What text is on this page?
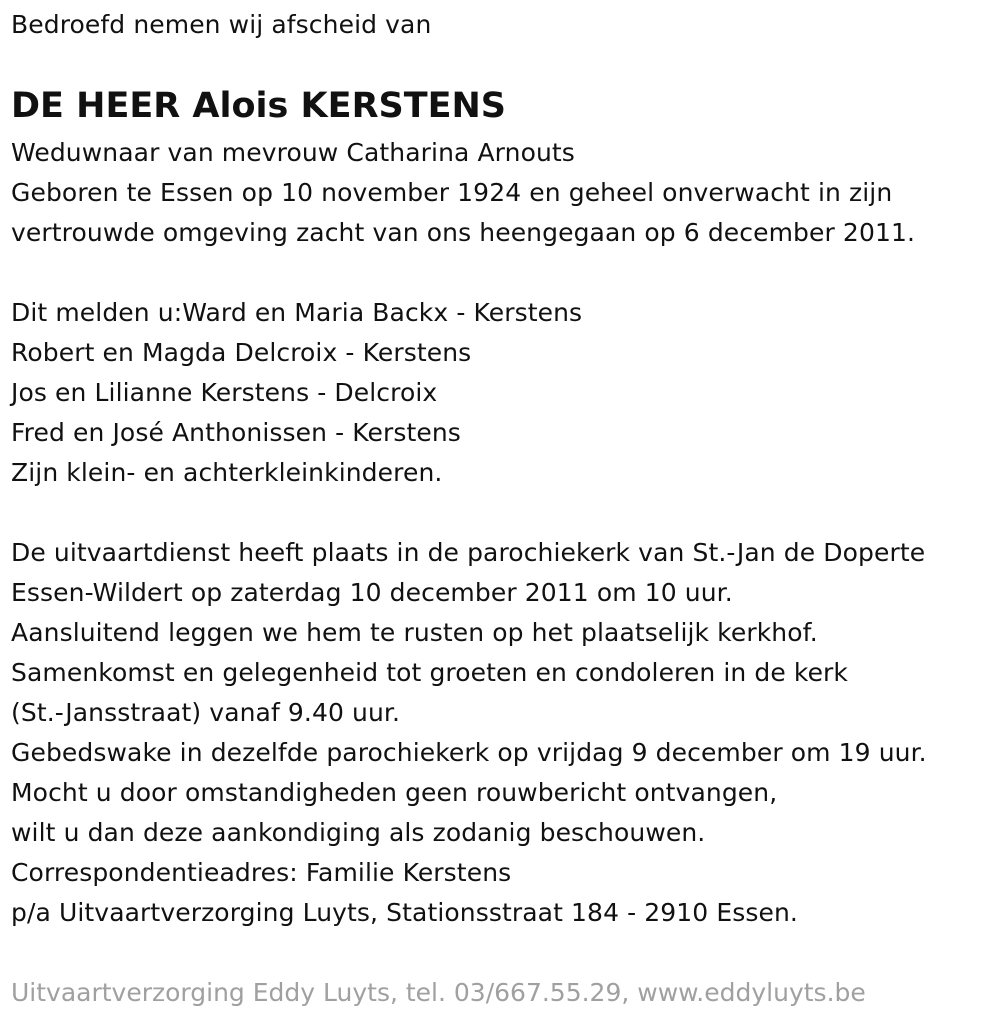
Bedroefd nemen wij afscheid van
DE HEER Alois KERSTENS
Weduwnaar van mevrouw Catharina Arnouts
Geboren te Essen op 10 november 1924 en geheel onverwacht in zijn
vertrouwde omgeving zacht van ons heengegaan op 6 december 2011.
Dit melden u:Ward en Maria Backx - Kerstens
Robert en Magda Delcroix - Kerstens
Jos en Lilianne Kerstens - Delcroix
Fred en José Anthonissen - Kerstens
Zijn klein- en achterkleinkinderen.
De uitvaartdienst heeft plaats in de parochiekerk van St.-Jan de Doperte
Essen-Wildert op zaterdag 10 december 2011 om 10 uur.
Aansluitend leggen we hem te rusten op het plaatselijk kerkhof.
Samenkomst en gelegenheid tot groeten en condoleren in de kerk
(St.-Jansstraat) vanaf 9.40 uur.
Gebedswake in dezelfde parochiekerk op vrijdag 9 december om 19 uur.
Mocht u door omstandigheden geen rouwbericht ontvangen,
wilt u dan deze aankondiging als zodanig beschouwen.
Correspondentieadres: Familie Kerstens
p/a Uitvaartverzorging Luyts, Stationsstraat 184 - 2910 Essen.
Uitvaartverzorging Eddy Luyts, tel. 03/667.55.29, www.eddyluyts.be
